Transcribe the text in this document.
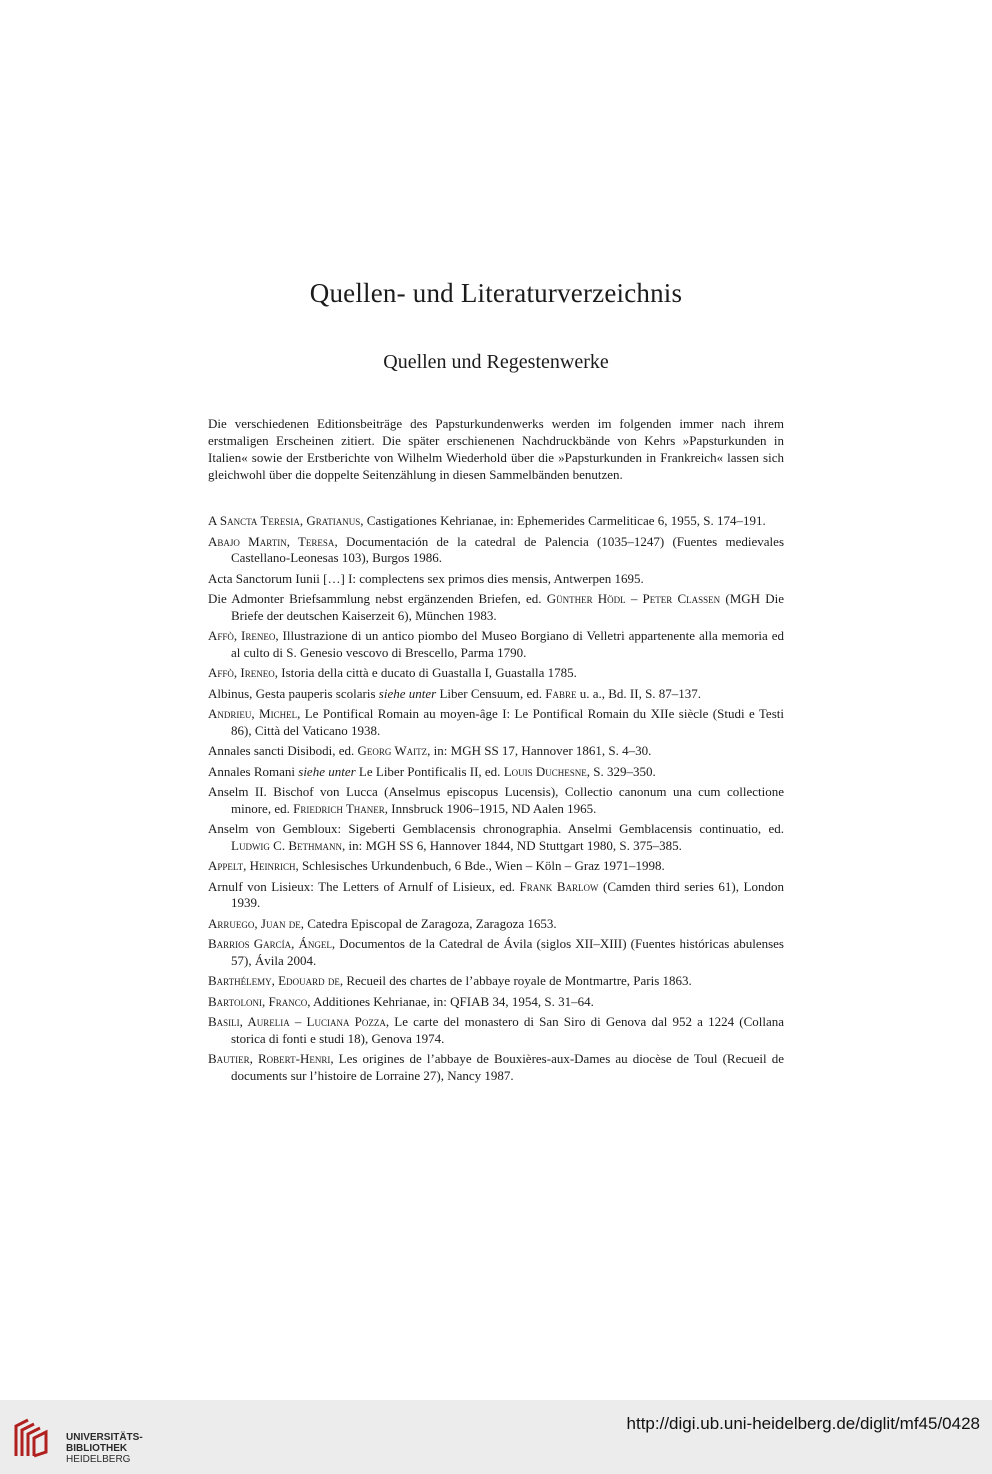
Quellen- und Literaturverzeichnis
Quellen und Regestenwerke

Die verschiedenen Editionsbeiträge des Papsturkundenwerks werden im folgenden immer nach ihrem erstmaligen Erscheinen zitiert. Die später erschienenen Nachdruckbände von Kehrs »Papsturkunden in Italien« sowie der Erstberichte von Wilhelm Wiederhold über die »Papsturkunden in Frankreich« lassen sich gleichwohl über die doppelte Seitenzählung in diesen Sammelbänden benutzen.

A Sancta Teresia, Gratianus, Castigationes Kehrianae, in: Ephemerides Carmeliticae 6, 1955, S. 174–191.
Abajo Martin, Teresa, Documentación de la catedral de Palencia (1035–1247) (Fuentes medievales Castellano-Leonesas 103), Burgos 1986.
Acta Sanctorum Iunii […] I: complectens sex primos dies mensis, Antwerpen 1695.
Die Admonter Briefsammlung nebst ergänzenden Briefen, ed. Günther Hödl – Peter Classen (MGH Die Briefe der deutschen Kaiserzeit 6), München 1983.
Affò, Ireneo, Illustrazione di un antico piombo del Museo Borgiano di Velletri appartenente alla memoria ed al culto di S. Genesio vescovo di Brescello, Parma 1790.
Affò, Ireneo, Istoria della città e ducato di Guastalla I, Guastalla 1785.
Albinus, Gesta pauperis scolaris siehe unter Liber Censuum, ed. Fabre u. a., Bd. II, S. 87–137.
Andrieu, Michel, Le Pontifical Romain au moyen-âge I: Le Pontifical Romain du XIIe siècle (Studi e Testi 86), Città del Vaticano 1938.
Annales sancti Disibodi, ed. Georg Waitz, in: MGH SS 17, Hannover 1861, S. 4–30.
Annales Romani siehe unter Le Liber Pontificalis II, ed. Louis Duchesne, S. 329–350.
Anselm II. Bischof von Lucca (Anselmus episcopus Lucensis), Collectio canonum una cum collectione minore, ed. Friedrich Thaner, Innsbruck 1906–1915, ND Aalen 1965.
Anselm von Gembloux: Sigeberti Gemblacensis chronographia. Anselmi Gemblacensis continuatio, ed. Ludwig C. Bethmann, in: MGH SS 6, Hannover 1844, ND Stuttgart 1980, S. 375–385.
Appelt, Heinrich, Schlesisches Urkundenbuch, 6 Bde., Wien – Köln – Graz 1971–1998.
Arnulf von Lisieux: The Letters of Arnulf of Lisieux, ed. Frank Barlow (Camden third series 61), London 1939.
Arruego, Juan de, Catedra Episcopal de Zaragoza, Zaragoza 1653.
Barrios García, Ángel, Documentos de la Catedral de Ávila (siglos XII–XIII) (Fuentes históricas abulenses 57), Ávila 2004.
Barthélemy, Edouard de, Recueil des chartes de l’abbaye royale de Montmartre, Paris 1863.
Bartoloni, Franco, Additiones Kehrianae, in: QFIAB 34, 1954, S. 31–64.
Basili, Aurelia – Luciana Pozza, Le carte del monastero di San Siro di Genova dal 952 a 1224 (Collana storica di fonti e studi 18), Genova 1974.
Bautier, Robert-Henri, Les origines de l’abbaye de Bouxières-aux-Dames au diocèse de Toul (Recueil de documents sur l’histoire de Lorraine 27), Nancy 1987.
UNIVERSITÄTS-
BIBLIOTHEK
HEIDELBERG
http://digi.ub.uni-heidelberg.de/diglit/mf45/0428
